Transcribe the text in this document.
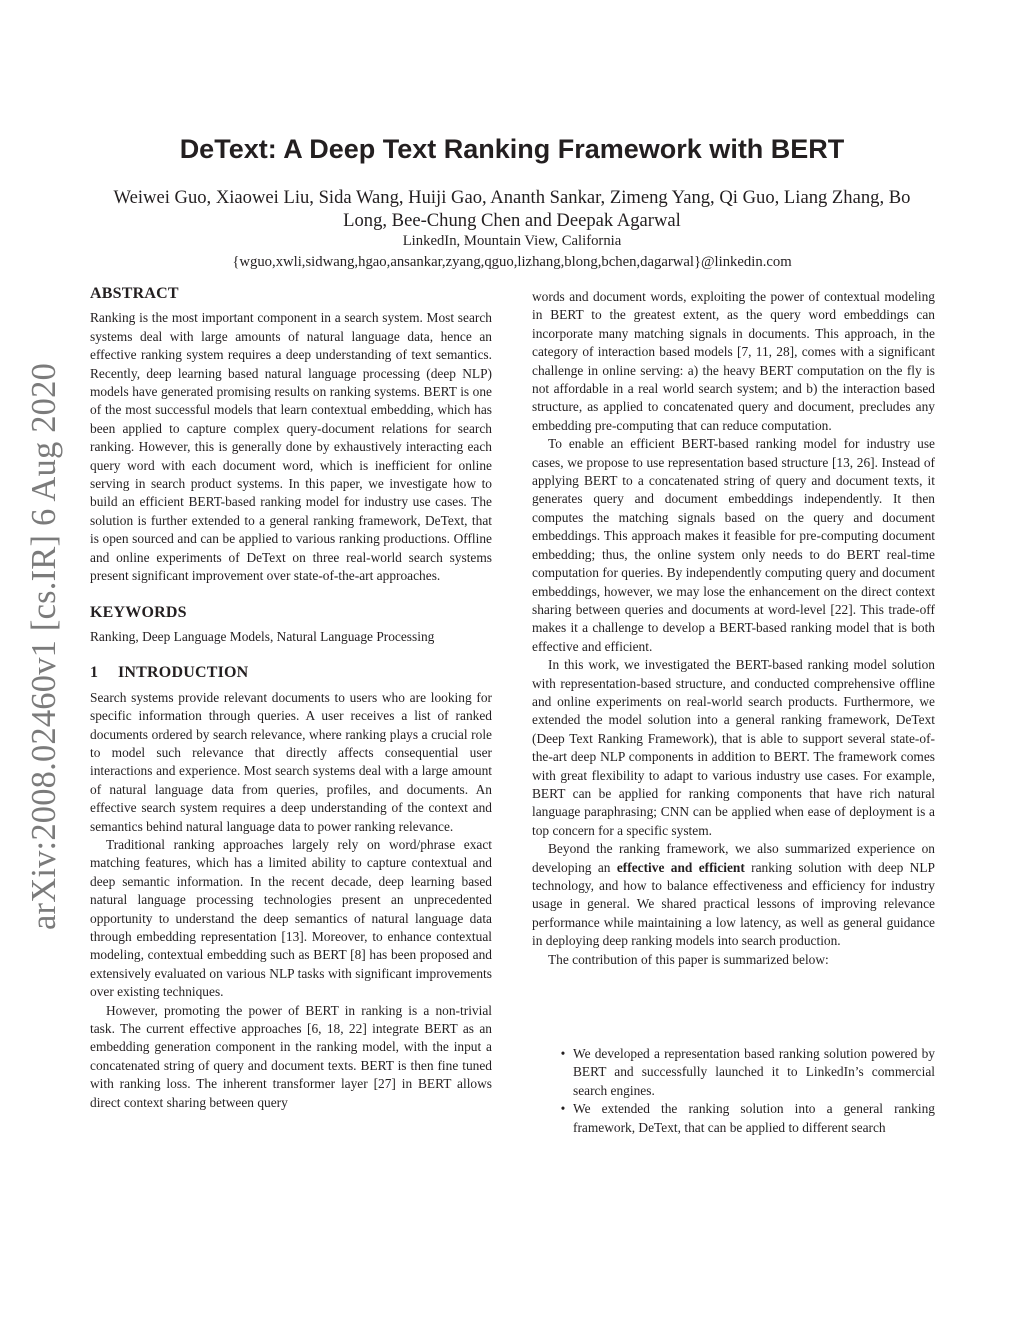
arXiv:2008.02460v1 [cs.IR] 6 Aug 2020
DeText: A Deep Text Ranking Framework with BERT
Weiwei Guo, Xiaowei Liu, Sida Wang, Huiji Gao, Ananth Sankar, Zimeng Yang, Qi Guo, Liang Zhang, Bo Long, Bee-Chung Chen and Deepak Agarwal
LinkedIn, Mountain View, California
{wguo,xwli,sidwang,hgao,ansankar,zyang,qguo,lizhang,blong,bchen,dagarwal}@linkedin.com
ABSTRACT

Ranking is the most important component in a search system. Most search systems deal with large amounts of natural language data, hence an effective ranking system requires a deep understanding of text semantics. Recently, deep learning based natural language processing (deep NLP) models have generated promising results on ranking systems. BERT is one of the most successful models that learn contextual embedding, which has been applied to capture complex query-document relations for search ranking. However, this is generally done by exhaustively interacting each query word with each document word, which is inefficient for online serving in search product systems. In this paper, we investigate how to build an efficient BERT-based ranking model for industry use cases. The solution is further extended to a general ranking framework, DeText, that is open sourced and can be applied to various ranking productions. Offline and online experiments of DeText on three real-world search systems present significant improvement over state-of-the-art approaches.

KEYWORDS

Ranking, Deep Language Models, Natural Language Processing

1 INTRODUCTION

Search systems provide relevant documents to users who are looking for specific information through queries. A user receives a list of ranked documents ordered by search relevance, where ranking plays a crucial role to model such relevance that directly affects consequential user interactions and experience. Most search systems deal with a large amount of natural language data from queries, profiles, and documents. An effective search system requires a deep understanding of the context and semantics behind natural language data to power ranking relevance.

Traditional ranking approaches largely rely on word/phrase exact matching features, which has a limited ability to capture contextual and deep semantic information. In the recent decade, deep learning based natural language processing technologies present an unprecedented opportunity to understand the deep semantics of natural language data through embedding representation [13]. Moreover, to enhance contextual modeling, contextual embedding such as BERT [8] has been proposed and extensively evaluated on various NLP tasks with significant improvements over existing techniques.

However, promoting the power of BERT in ranking is a non-trivial task. The current effective approaches [6, 18, 22] integrate BERT as an embedding generation component in the ranking model, with the input a concatenated string of query and document texts. BERT is then fine tuned with ranking loss. The inherent transformer layer [27] in BERT allows direct context sharing between query

words and document words, exploiting the power of contextual modeling in BERT to the greatest extent, as the query word embeddings can incorporate many matching signals in documents. This approach, in the category of interaction based models [7, 11, 28], comes with a significant challenge in online serving: a) the heavy BERT computation on the fly is not affordable in a real world search system; and b) the interaction based structure, as applied to concatenated query and document, precludes any embedding pre-computing that can reduce computation.

To enable an efficient BERT-based ranking model for industry use cases, we propose to use representation based structure [13, 26]. Instead of applying BERT to a concatenated string of query and document texts, it generates query and document embeddings independently. It then computes the matching signals based on the query and document embeddings. This approach makes it feasible for pre-computing document embedding; thus, the online system only needs to do BERT real-time computation for queries. By independently computing query and document embeddings, however, we may lose the enhancement on the direct context sharing between queries and documents at word-level [22]. This trade-off makes it a challenge to develop a BERT-based ranking model that is both effective and efficient.

In this work, we investigated the BERT-based ranking model solution with representation-based structure, and conducted comprehensive offline and online experiments on real-world search products. Furthermore, we extended the model solution into a general ranking framework, DeText (Deep Text Ranking Framework), that is able to support several state-of-the-art deep NLP components in addition to BERT. The framework comes with great flexibility to adapt to various industry use cases. For example, BERT can be applied for ranking components that have rich natural language paraphrasing; CNN can be applied when ease of deployment is a top concern for a specific system.

Beyond the ranking framework, we also summarized experience on developing an effective and efficient ranking solution with deep NLP technology, and how to balance effectiveness and efficiency for industry usage in general. We shared practical lessons of improving relevance performance while maintaining a low latency, as well as general guidance in deploying deep ranking models into search production.

The contribution of this paper is summarized below:

• We developed a representation based ranking solution powered by BERT and successfully launched it to LinkedIn’s commercial search engines.
• We extended the ranking solution into a general ranking framework, DeText, that can be applied to different search
